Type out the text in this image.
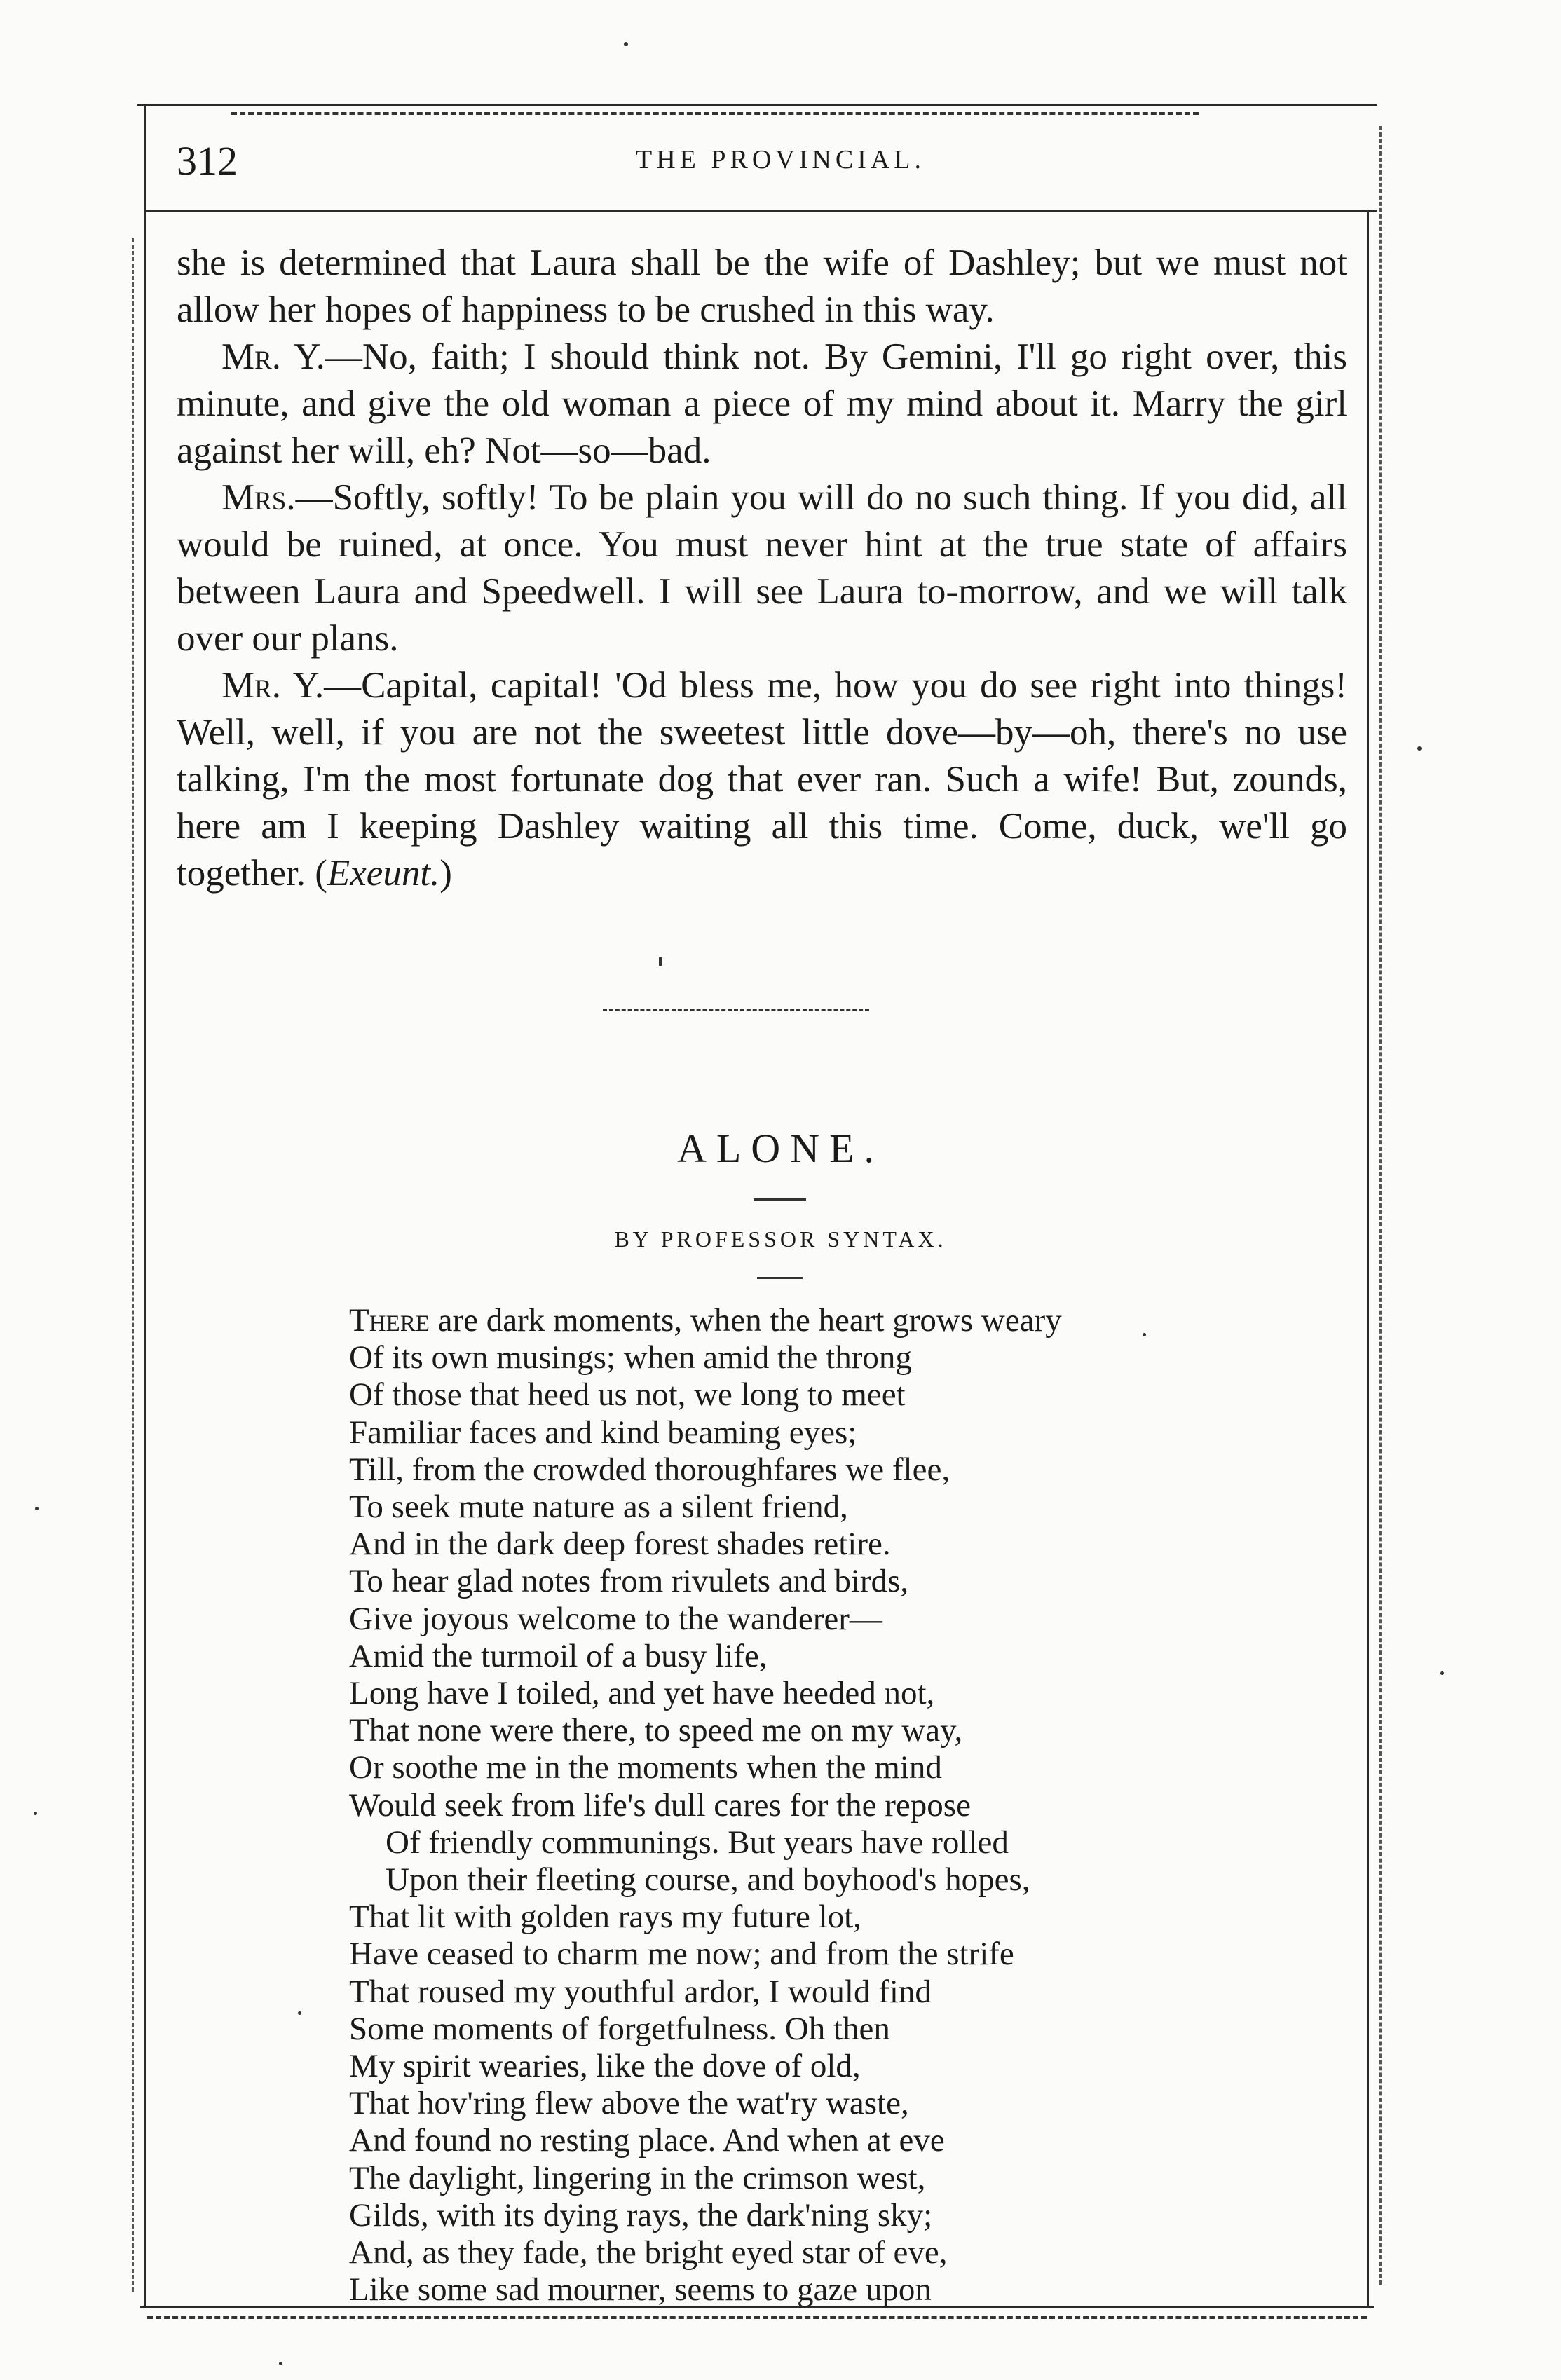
312	THE PROVINCIAL.

she is determined that Laura shall be the wife of Dashley; but we must not allow her hopes of happiness to be crushed in this way.

Mr. Y.—No, faith; I should think not. By Gemini, I'll go right over, this minute, and give the old woman a piece of my mind about it. Marry the girl against her will, eh? Not—so—bad.

Mrs.—Softly, softly! To be plain you will do no such thing. If you did, all would be ruined, at once. You must never hint at the true state of affairs between Laura and Speedwell. I will see Laura to-morrow, and we will talk over our plans.

Mr. Y.—Capital, capital! 'Od bless me, how you do see right into things! Well, well, if you are not the sweetest little dove—by—oh, there's no use talking, I'm the most fortunate dog that ever ran. Such a wife! But, zounds, here am I keeping Dashley waiting all this time. Come, duck, we'll go together. (Exeunt.)

ALONE.
BY PROFESSOR SYNTAX.
There are dark moments, when the heart grows weary
Of its own musings; when amid the throng
Of those that heed us not, we long to meet
Familiar faces and kind beaming eyes;
Till, from the crowded thoroughfares we flee,
To seek mute nature as a silent friend,
And in the dark deep forest shades retire.
To hear glad notes from rivulets and birds,
Give joyous welcome to the wanderer—
Amid the turmoil of a busy life,
Long have I toiled, and yet have heeded not,
That none were there, to speed me on my way,
Or soothe me in the moments when the mind
Would seek from life's dull cares for the repose
Of friendly communings. But years have rolled
Upon their fleeting course, and boyhood's hopes,
That lit with golden rays my future lot,
Have ceased to charm me now; and from the strife
That roused my youthful ardor, I would find
Some moments of forgetfulness. Oh then
My spirit wearies, like the dove of old,
That hov'ring flew above the wat'ry waste,
And found no resting place. And when at eve
The daylight, lingering in the crimson west,
Gilds, with its dying rays, the dark'ning sky;
And, as they fade, the bright eyed star of eve,
Like some sad mourner, seems to gaze upon
